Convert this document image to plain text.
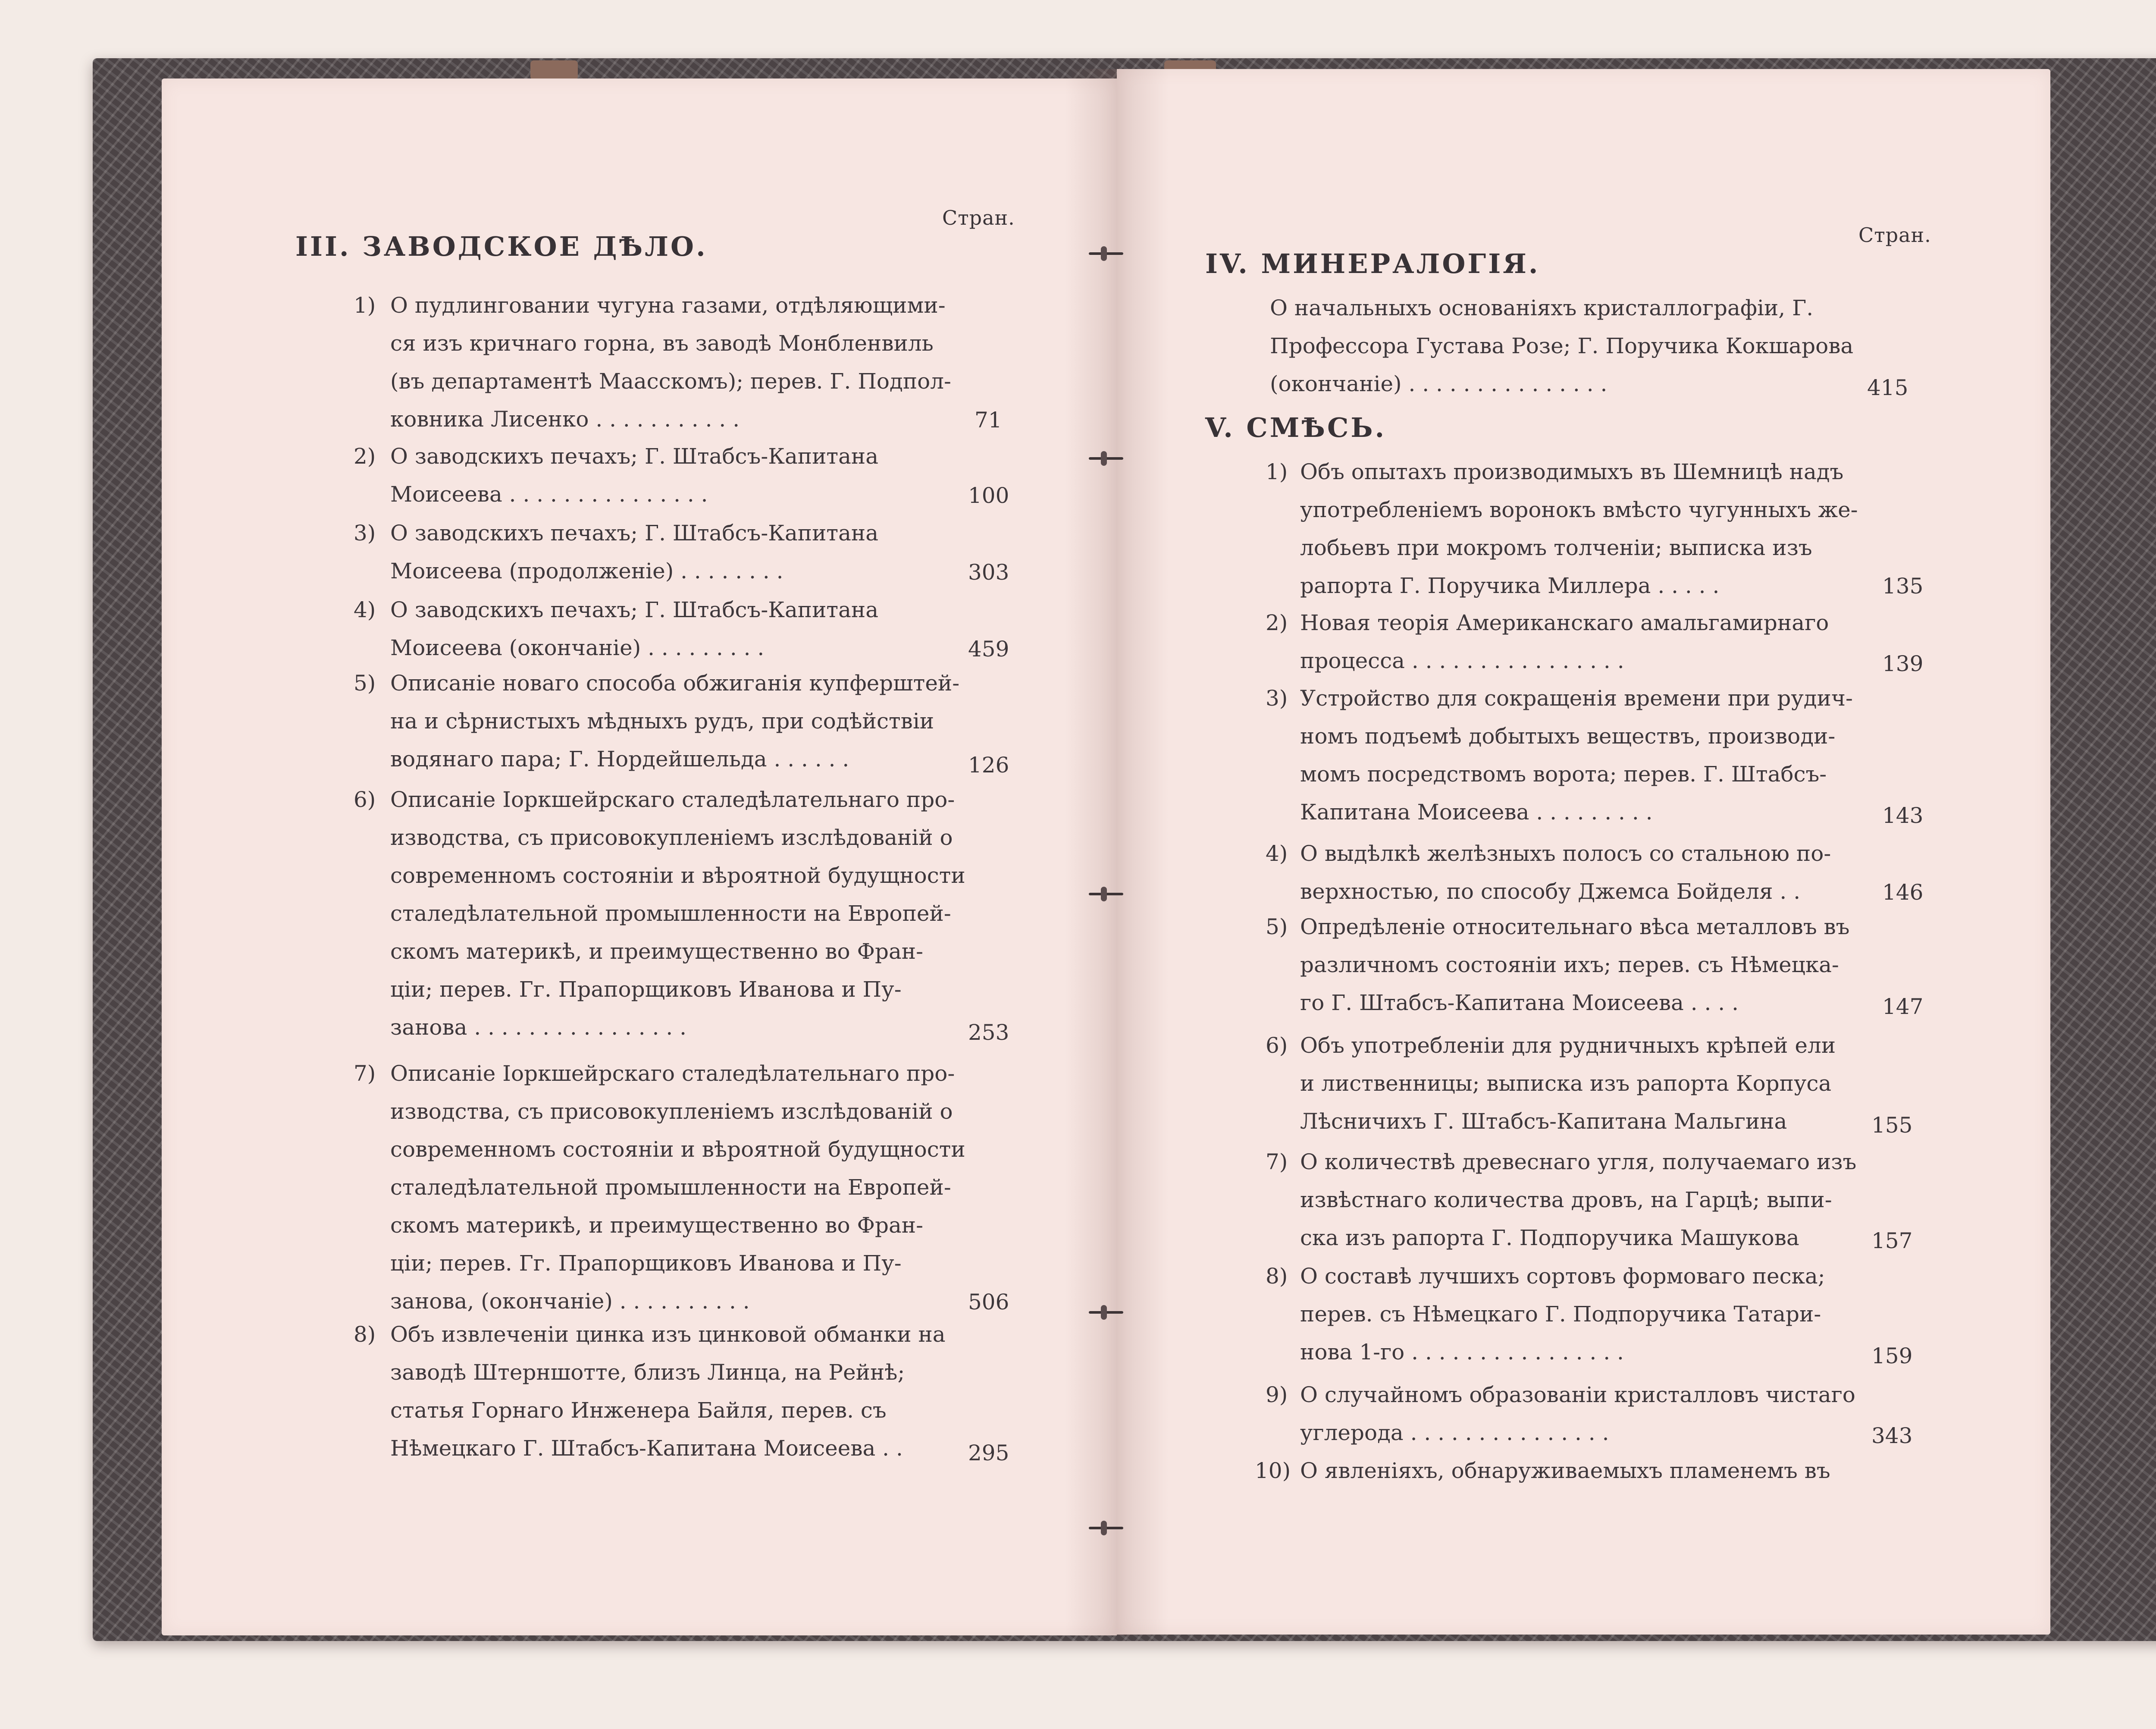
Стран.
III. ЗАВОДСКОЕ ДѢЛО.
1) О пудлинговании чугуна газами, отдѣляющими-
ся изъ кричнаго горна, въ заводѣ Монбленвиль
(въ департаментѣ Маасскомъ); перев. Г. Подпол-
ковника Лисенко . . . . . . . . . . .	71
2) О заводскихъ печахъ; Г. Штабсъ-Капитана
Моисеева . . . . . . . . . . . . . . .	100
3) О заводскихъ печахъ; Г. Штабсъ-Капитана
Моисеева (продолженіе) . . . . . . . .	303
4) О заводскихъ печахъ; Г. Штабсъ-Капитана
Моисеева (окончаніе) . . . . . . . . .	459
5) Описаніе новаго способа обжиганія купферштей-
на и сѣрнистыхъ мѣдныхъ рудъ, при содѣйствіи
водянаго пара; Г. Нордейшельда . . . . . .	126
6) Описаніе Іоркшейрскаго сталедѣлательнаго про-
изводства, съ присовокупленіемъ изслѣдованій о
современномъ состояніи и вѣроятной будущности
сталедѣлательной промышленности на Европей-
скомъ материкѣ, и преимущественно во Фран-
ціи; перев. Гг. Прапорщиковъ Иванова и Пу-
занова . . . . . . . . . . . . . . . .	253
7) Описаніе Іоркшейрскаго сталедѣлательнаго про-
изводства, съ присовокупленіемъ изслѣдованій о
современномъ состояніи и вѣроятной будущности
сталедѣлательной промышленности на Европей-
скомъ материкѣ, и преимущественно во Фран-
ціи; перев. Гг. Прапорщиковъ Иванова и Пу-
занова, (окончаніе) . . . . . . . . . .	506
8) Объ извлеченіи цинка изъ цинковой обманки на
заводѣ Штерншотте, близъ Линца, на Рейнѣ;
статья Горнаго Инженера Байля, перев. съ
Нѣмецкаго Г. Штабсъ-Капитана Моисеева . .	295
Стран.
IV. МИНЕРАЛОГІЯ.
О начальныхъ основаніяхъ кристаллографіи, Г.
Профессора Густава Розе; Г. Поручика Кокшарова
(окончаніе) . . . . . . . . . . . . . . .	415
V. СМѢСЬ.
1) Объ опытахъ производимыхъ въ Шемницѣ надъ
употребленіемъ воронокъ вмѣсто чугунныхъ же-
лобьевъ при мокромъ толченіи; выписка изъ
рапорта Г. Поручика Миллера . . . . .	135
2) Новая теорія Американскаго амальгамирнаго
процесса . . . . . . . . . . . . . . . .	139
3) Устройство для сокращенія времени при рудич-
номъ подъемѣ добытыхъ веществъ, производи-
момъ посредствомъ ворота; перев. Г. Штабсъ-
Капитана Моисеева . . . . . . . . .	143
4) О выдѣлкѣ желѣзныхъ полосъ со стальною по-
верхностью, по способу Джемса Бойделя . .	146
5) Опредѣленіе относительнаго вѣса металловъ въ
различномъ состояніи ихъ; перев. съ Нѣмецка-
го Г. Штабсъ-Капитана Моисеева . . . .	147
6) Объ употребленіи для рудничныхъ крѣпей ели
и лиственницы; выписка изъ рапорта Корпуса
Лѣсничихъ Г. Штабсъ-Капитана Мальгина	155
7) О количествѣ древеснаго угля, получаемаго изъ
извѣстнаго количества дровъ, на Гарцѣ; выпи-
ска изъ рапорта Г. Подпоручика Машукова	157
8) О составѣ лучшихъ сортовъ формоваго песка;
перев. съ Нѣмецкаго Г. Подпоручика Татари-
нова 1-го . . . . . . . . . . . . . . . .	159
9) О случайномъ образованіи кристалловъ чистаго
углерода . . . . . . . . . . . . . . .	343
10) О явленіяхъ, обнаруживаемыхъ пламенемъ въ
